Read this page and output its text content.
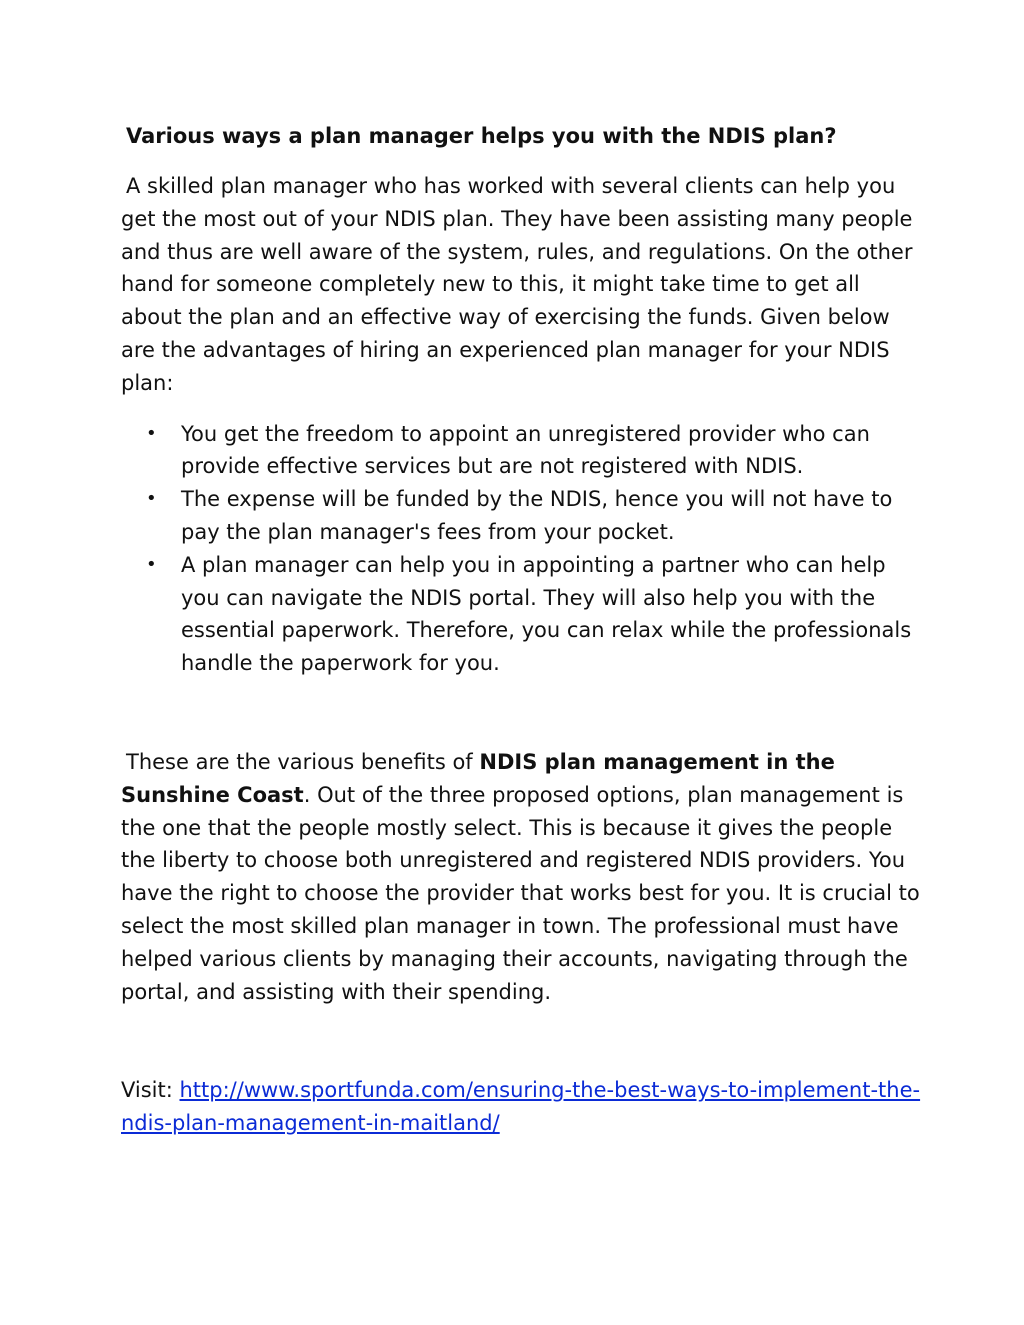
Various ways a plan manager helps you with the NDIS plan?

A skilled plan manager who has worked with several clients can help you get the most out of your NDIS plan. They have been assisting many people and thus are well aware of the system, rules, and regulations. On the other hand for someone completely new to this, it might take time to get all about the plan and an effective way of exercising the funds. Given below are the advantages of hiring an experienced plan manager for your NDIS plan:

• You get the freedom to appoint an unregistered provider who can provide effective services but are not registered with NDIS.
• The expense will be funded by the NDIS, hence you will not have to pay the plan manager's fees from your pocket.
• A plan manager can help you in appointing a partner who can help you can navigate the NDIS portal. They will also help you with the essential paperwork. Therefore, you can relax while the professionals handle the paperwork for you.

These are the various benefits of NDIS plan management in the Sunshine Coast. Out of the three proposed options, plan management is the one that the people mostly select. This is because it gives the people the liberty to choose both unregistered and registered NDIS providers. You have the right to choose the provider that works best for you. It is crucial to select the most skilled plan manager in town. The professional must have helped various clients by managing their accounts, navigating through the portal, and assisting with their spending.

Visit: http://www.sportfunda.com/ensuring-the-best-ways-to-implement-the-ndis-plan-management-in-maitland/
